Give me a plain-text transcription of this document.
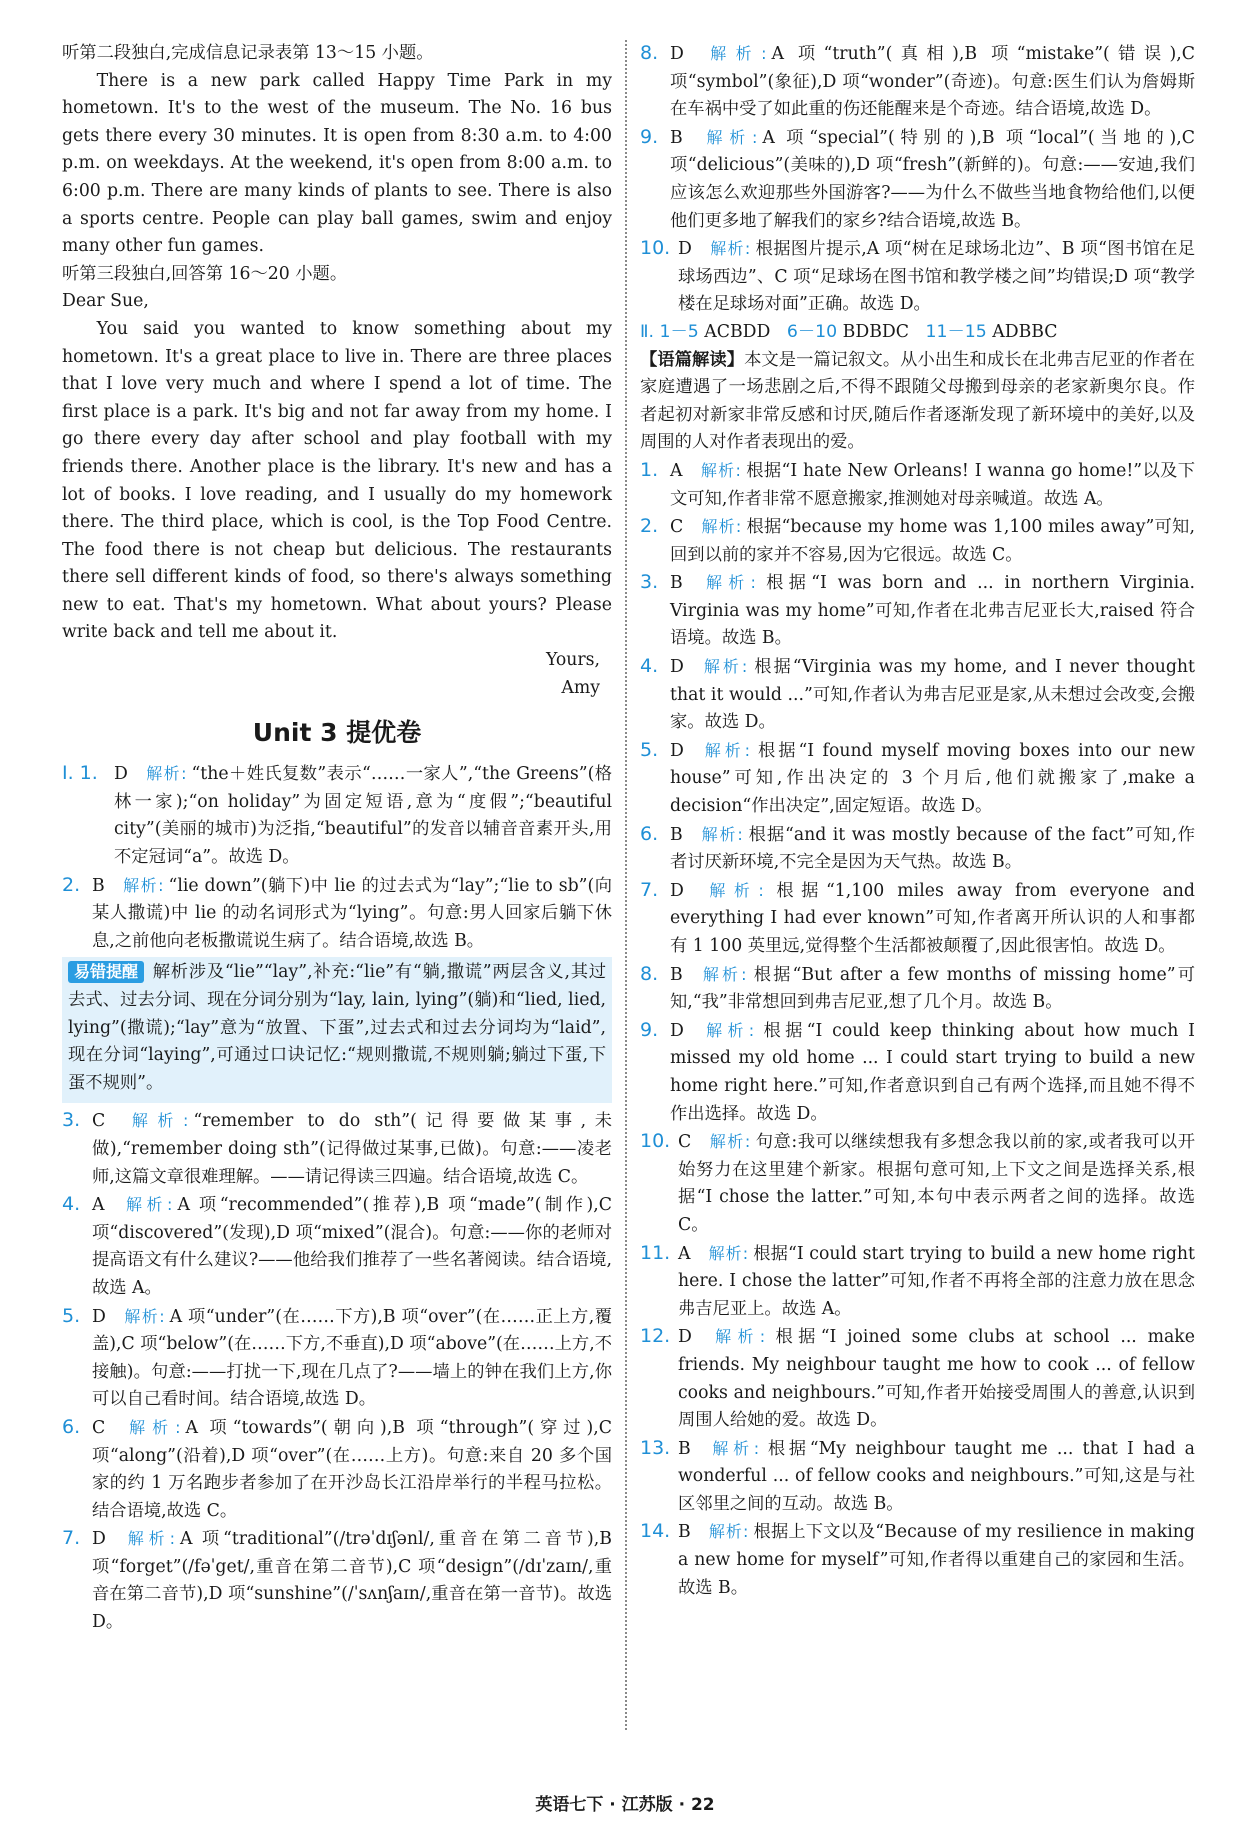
听第二段独白,完成信息记录表第 13～15 小题。

There is a new park called Happy Time Park in my hometown. It's to the west of the museum. The No. 16 bus gets there every 30 minutes. It is open from 8:30 a.m. to 4:00 p.m. on weekdays. At the weekend, it's open from 8:00 a.m. to 6:00 p.m. There are many kinds of plants to see. There is also a sports centre. People can play ball games, swim and enjoy many other fun games.

听第三段独白,回答第 16～20 小题。

Dear Sue,

You said you wanted to know something about my hometown. It's a great place to live in. There are three places that I love very much and where I spend a lot of time. The first place is a park. It's big and not far away from my home. I go there every day after school and play football with my friends there. Another place is the library. It's new and has a lot of books. I love reading, and I usually do my homework there. The third place, which is cool, is the Top Food Centre. The food there is not cheap but delicious. The restaurants there sell different kinds of food, so there's always something new to eat. That's my hometown. What about yours? Please write back and tell me about it.

Yours,

Amy

Unit 3 提优卷
Ⅰ. 1. D 解析: “the＋姓氏复数”表示“……一家人”,“the Greens”(格林一家);“on holiday”为固定短语,意为“度假”;“beautiful city”(美丽的城市)为泛指,“beautiful”的发音以辅音音素开头,用不定冠词“a”。故选 D。
2. B 解析: “lie down”(躺下)中 lie 的过去式为“lay”;“lie to sb”(向某人撒谎)中 lie 的动名词形式为“lying”。句意:男人回家后躺下休息,之前他向老板撒谎说生病了。结合语境,故选 B。
易错提醒 解析涉及“lie”“lay”,补充:“lie”有“躺,撒谎”两层含义,其过去式、过去分词、现在分词分别为“lay, lain, lying”(躺)和“lied, lied, lying”(撒谎);“lay”意为“放置、下蛋”,过去式和过去分词均为“laid”,现在分词“laying”,可通过口诀记忆:“规则撒谎,不规则躺;躺过下蛋,下蛋不规则”。
3. C 解析: “remember to do sth”(记得要做某事,未做),“remember doing sth”(记得做过某事,已做)。句意:——凌老师,这篇文章很难理解。——请记得读三四遍。结合语境,故选 C。
4. A 解析: A 项“recommended”(推荐),B 项“made”(制作),C 项“discovered”(发现),D 项“mixed”(混合)。句意:——你的老师对提高语文有什么建议?——他给我们推荐了一些名著阅读。结合语境,故选 A。
5. D 解析: A 项“under”(在……下方),B 项“over”(在……正上方,覆盖),C 项“below”(在……下方,不垂直),D 项“above”(在……上方,不接触)。句意:——打扰一下,现在几点了?——墙上的钟在我们上方,你可以自己看时间。结合语境,故选 D。
6. C 解析: A 项“towards”(朝向),B 项“through”(穿过),C 项“along”(沿着),D 项“over”(在……上方)。句意:来自 20 多个国家的约 1 万名跑步者参加了在开沙岛长江沿岸举行的半程马拉松。结合语境,故选 C。
7. D 解析: A 项“traditional”(/trəˈdɪʃənl/,重音在第二音节),B 项“forget”(/fəˈget/,重音在第二音节),C 项“design”(/dɪˈzaɪn/,重音在第二音节),D 项“sunshine”(/ˈsʌnʃaɪn/,重音在第一音节)。故选 D。
8. D 解析: A 项“truth”(真相),B 项“mistake”(错误),C 项“symbol”(象征),D 项“wonder”(奇迹)。句意:医生们认为詹姆斯在车祸中受了如此重的伤还能醒来是个奇迹。结合语境,故选 D。
9. B 解析: A 项“special”(特别的),B 项“local”(当地的),C 项“delicious”(美味的),D 项“fresh”(新鲜的)。句意:——安迪,我们应该怎么欢迎那些外国游客?——为什么不做些当地食物给他们,以便他们更多地了解我们的家乡?结合语境,故选 B。
10. D 解析: 根据图片提示,A 项“树在足球场北边”、B 项“图书馆在足球场西边”、C 项“足球场在图书馆和教学楼之间”均错误;D 项“教学楼在足球场对面”正确。故选 D。

Ⅱ. 1－5 ACBDD 6－10 BDBDC 11－15 ADBBC

【语篇解读】本文是一篇记叙文。从小出生和成长在北弗吉尼亚的作者在家庭遭遇了一场悲剧之后,不得不跟随父母搬到母亲的老家新奥尔良。作者起初对新家非常反感和讨厌,随后作者逐渐发现了新环境中的美好,以及周围的人对作者表现出的爱。

1. A 解析: 根据“I hate New Orleans! I wanna go home!”以及下文可知,作者非常不愿意搬家,推测她对母亲喊道。故选 A。
2. C 解析: 根据“because my home was 1,100 miles away”可知,回到以前的家并不容易,因为它很远。故选 C。
3. B 解析: 根据“I was born and ... in northern Virginia. Virginia was my home”可知,作者在北弗吉尼亚长大,raised 符合语境。故选 B。
4. D 解析: 根据“Virginia was my home, and I never thought that it would ...”可知,作者认为弗吉尼亚是家,从未想过会改变,会搬家。故选 D。
5. D 解析: 根据“I found myself moving boxes into our new house”可知,作出决定的 3 个月后,他们就搬家了,make a decision“作出决定”,固定短语。故选 D。
6. B 解析: 根据“and it was mostly because of the fact”可知,作者讨厌新环境,不完全是因为天气热。故选 B。
7. D 解析: 根据“1,100 miles away from everyone and everything I had ever known”可知,作者离开所认识的人和事都有 1 100 英里远,觉得整个生活都被颠覆了,因此很害怕。故选 D。
8. B 解析: 根据“But after a few months of missing home”可知,“我”非常想回到弗吉尼亚,想了几个月。故选 B。
9. D 解析: 根据“I could keep thinking about how much I missed my old home ... I could start trying to build a new home right here.”可知,作者意识到自己有两个选择,而且她不得不作出选择。故选 D。
10. C 解析: 句意:我可以继续想我有多想念我以前的家,或者我可以开始努力在这里建个新家。根据句意可知,上下文之间是选择关系,根据“I chose the latter.”可知,本句中表示两者之间的选择。故选 C。
11. A 解析: 根据“I could start trying to build a new home right here. I chose the latter”可知,作者不再将全部的注意力放在思念弗吉尼亚上。故选 A。
12. D 解析: 根据“I joined some clubs at school ... make friends. My neighbour taught me how to cook ... of fellow cooks and neighbours.”可知,作者开始接受周围人的善意,认识到周围人给她的爱。故选 D。
13. B 解析: 根据“My neighbour taught me ... that I had a wonderful ... of fellow cooks and neighbours.”可知,这是与社区邻里之间的互动。故选 B。
14. B 解析: 根据上下文以及“Because of my resilience in making a new home for myself”可知,作者得以重建自己的家园和生活。故选 B。
英语七下 · 江苏版 · 22
